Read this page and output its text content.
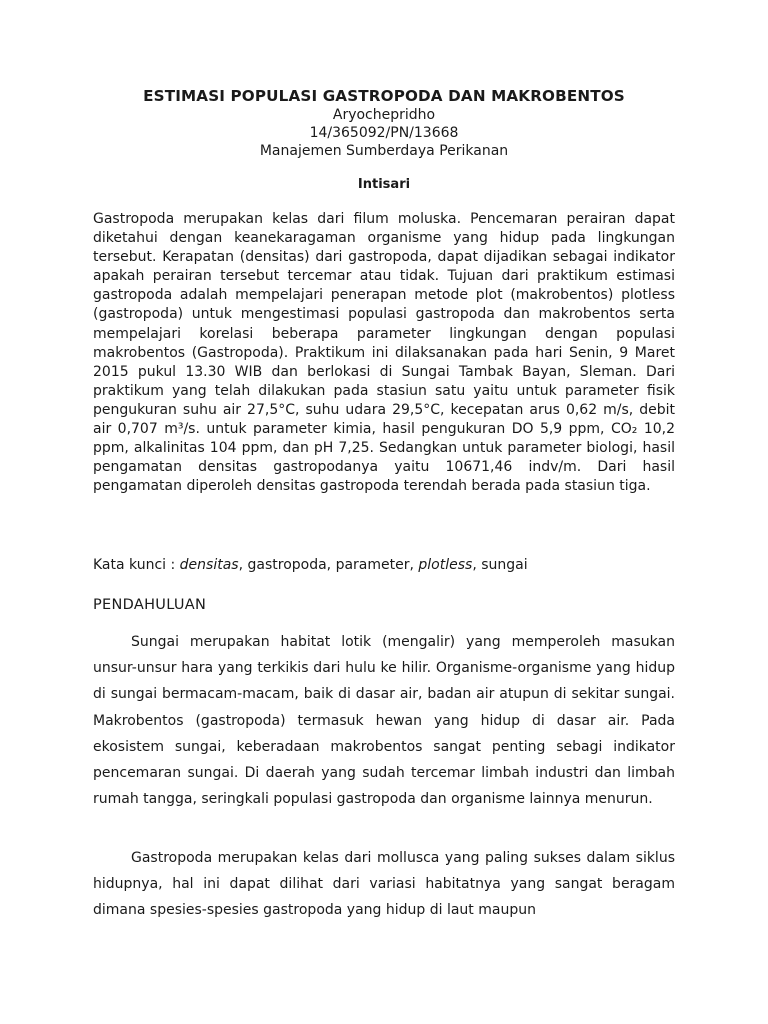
ESTIMASI POPULASI GASTROPODA DAN MAKROBENTOS

Aryochepridho

14/365092/PN/13668

Manajemen Sumberdaya Perikanan

Intisari

Gastropoda merupakan kelas dari filum moluska. Pencemaran perairan dapat diketahui dengan keanekaragaman organisme yang hidup pada lingkungan tersebut. Kerapatan (densitas) dari gastropoda, dapat dijadikan sebagai indikator apakah perairan tersebut tercemar atau tidak. Tujuan dari praktikum estimasi gastropoda adalah mempelajari penerapan metode plot (makrobentos) plotless (gastropoda) untuk mengestimasi populasi gastropoda dan makrobentos serta mempelajari korelasi beberapa parameter lingkungan dengan populasi makrobentos (Gastropoda). Praktikum ini dilaksanakan pada hari Senin, 9 Maret 2015 pukul 13.30 WIB dan berlokasi di Sungai Tambak Bayan, Sleman. Dari praktikum yang telah dilakukan pada stasiun satu yaitu untuk parameter fisik pengukuran suhu air 27,5°C, suhu udara 29,5°C, kecepatan arus 0,62 m/s, debit air 0,707 m³/s. untuk parameter kimia, hasil pengukuran DO 5,9 ppm, CO₂ 10,2 ppm, alkalinitas 104 ppm, dan pH 7,25. Sedangkan untuk parameter biologi, hasil pengamatan densitas gastropodanya yaitu 10671,46 indv/m. Dari hasil pengamatan diperoleh densitas gastropoda terendah berada pada stasiun tiga.

Kata kunci : densitas, gastropoda, parameter, plotless, sungai

PENDAHULUAN

Sungai merupakan habitat lotik (mengalir) yang memperoleh masukan unsur-unsur hara yang terkikis dari hulu ke hilir. Organisme-organisme yang hidup di sungai bermacam-macam, baik di dasar air, badan air atupun di sekitar sungai. Makrobentos (gastropoda) termasuk hewan yang hidup di dasar air. Pada ekosistem sungai, keberadaan makrobentos sangat penting sebagi indikator pencemaran sungai. Di daerah yang sudah tercemar limbah industri dan limbah rumah tangga, seringkali populasi gastropoda dan organisme lainnya menurun.

Gastropoda merupakan kelas dari mollusca yang paling sukses dalam siklus hidupnya, hal ini dapat dilihat dari variasi habitatnya yang sangat beragam dimana spesies-spesies gastropoda yang hidup di laut maupun
